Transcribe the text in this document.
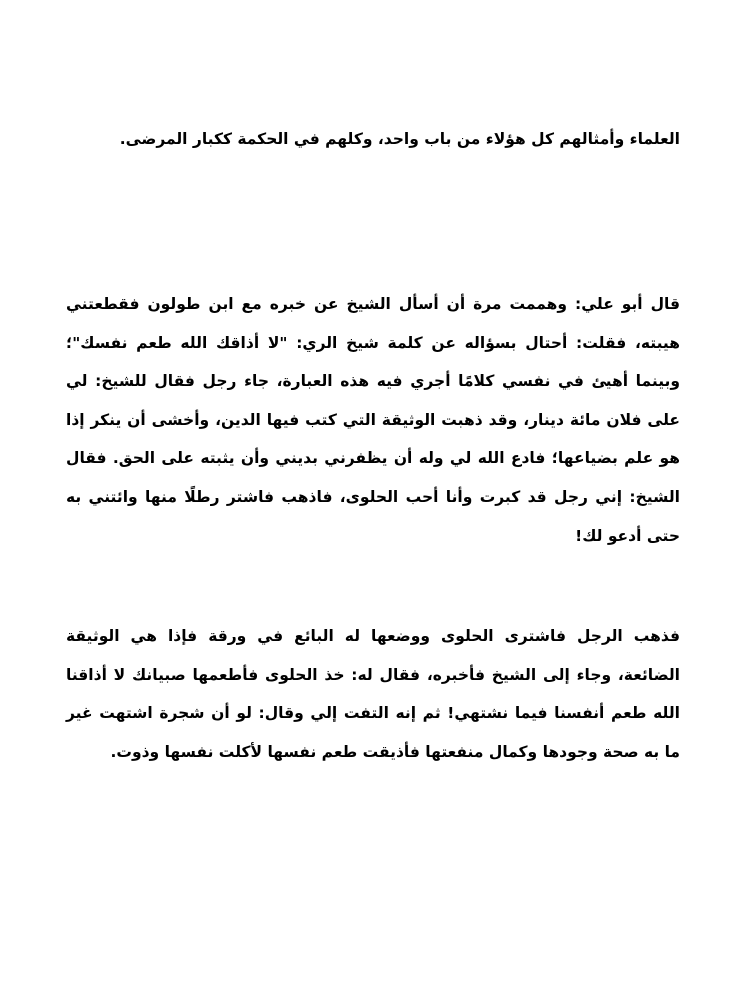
العلماء وأمثالهم كل هؤلاء من باب واحد، وكلهم في الحكمة ككبار المرضى.

قال أبو علي: وهممت مرة أن أسأل الشيخ عن خبره مع ابن طولون فقطعتني هيبته، فقلت: أحتال بسؤاله عن كلمة شيخ الري: "لا أذاقك الله طعم نفسك"؛ وبينما أهيئ في نفسي كلامًا أجري فيه هذه العبارة، جاء رجل فقال للشيخ: لي على فلان مائة دينار، وقد ذهبت الوثيقة التي كتب فيها الدين، وأخشى أن ينكر إذا هو علم بضياعها؛ فادع الله لي وله أن يظفرني بديني وأن يثبته على الحق. فقال الشيخ: إني رجل قد كبرت وأنا أحب الحلوى، فاذهب فاشتر رطلًا منها وائتني به حتى أدعو لك!

فذهب الرجل فاشترى الحلوى ووضعها له البائع في ورقة فإذا هي الوثيقة الضائعة، وجاء إلى الشيخ فأخبره، فقال له: خذ الحلوى فأطعمها صبيانك لا أذاقنا الله طعم أنفسنا فيما نشتهي! ثم إنه التفت إلي وقال: لو أن شجرة اشتهت غير ما به صحة وجودها وكمال منفعتها فأذيقت طعم نفسها لأكلت نفسها وذوت.
